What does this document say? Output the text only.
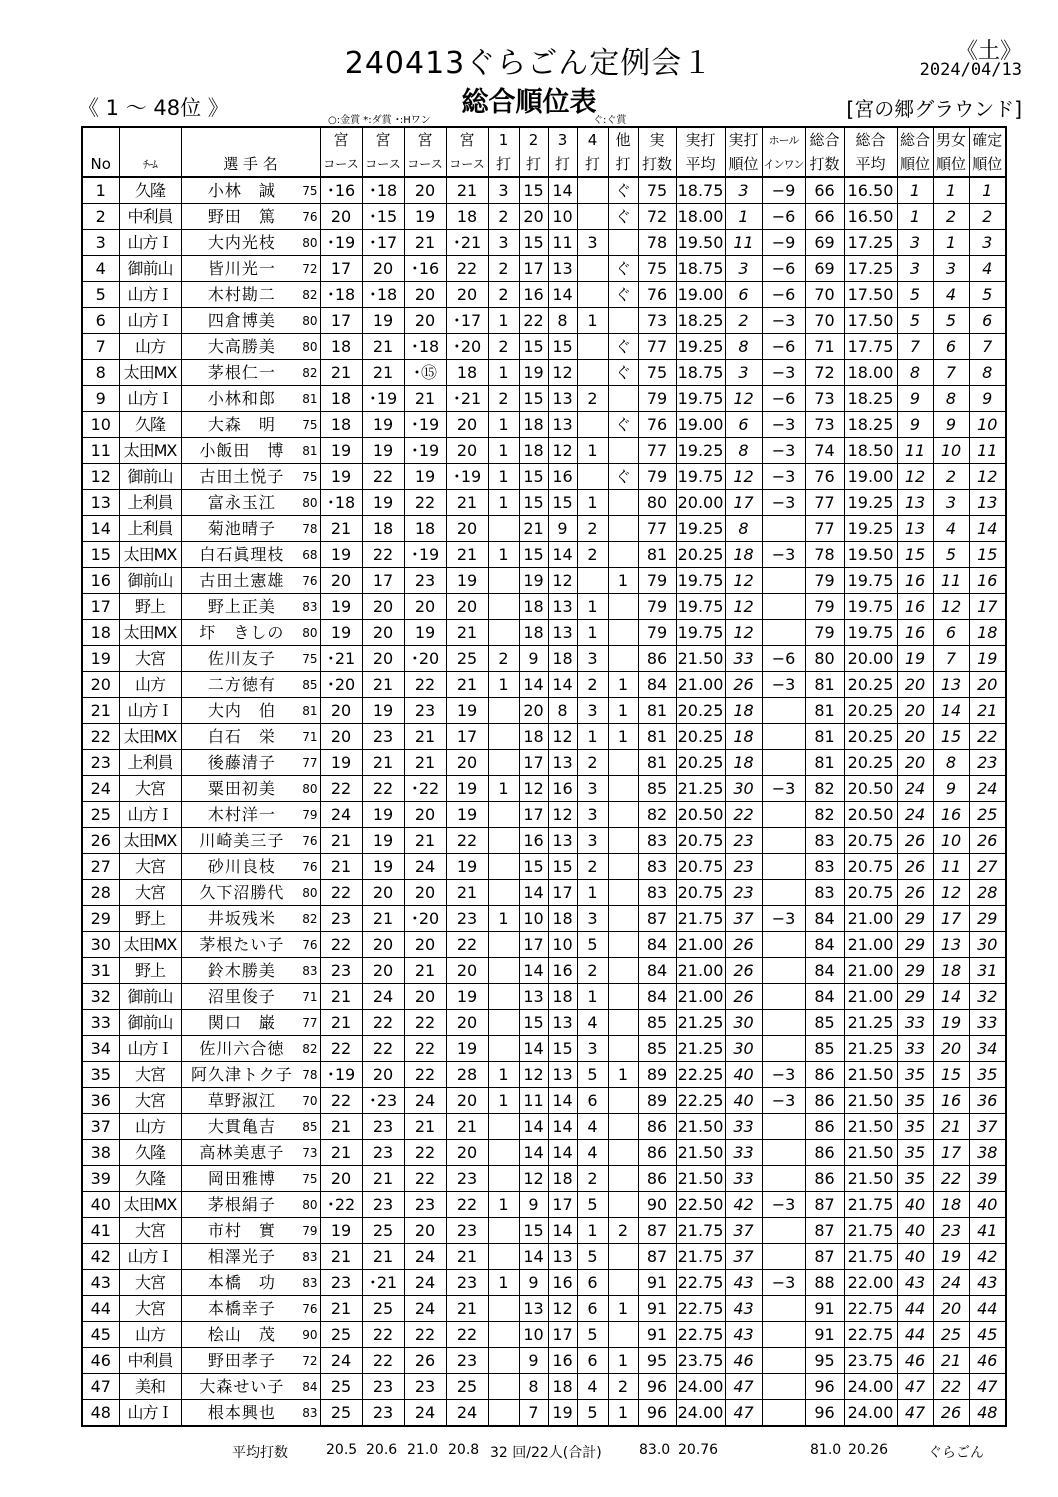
240413ぐらごん定例会１	《土》
2024/04/13
《 1 ～ 48位 》	総合順位表	[宮の郷グラウンド]
○:金賞 *:ダ賞 ･:Hワン	ぐ:ぐ賞
			宮	宮	宮	宮	1	2	3	4	他	実	実打	実打	ホール	総合	総合	総合	男女	確定
No	ﾁｰﾑ	選 手 名	コース	コース	コース	コース	打	打	打	打	打	打数	平均	順位	インワン	打数	平均	順位	順位	順位
1	久隆	小林　誠 75	･16	･18	20	21	3	15	14		ぐ	75	18.75	3	−9	66	16.50	1	1	1
2	中利員	野田　篤 76	20	･15	19	18	2	20	10		ぐ	72	18.00	1	−6	66	16.50	1	2	2
3	山方Ｉ	大内光枝 80	･19	･17	21	･21	3	15	11	3		78	19.50	11	−9	69	17.25	3	1	3
4	御前山	皆川光一 72	17	20	･16	22	2	17	13		ぐ	75	18.75	3	−6	69	17.25	3	3	4
5	山方Ｉ	木村勘二 82	･18	･18	20	20	2	16	14		ぐ	76	19.00	6	−6	70	17.50	5	4	5
6	山方Ｉ	四倉博美 80	17	19	20	･17	1	22	8	1		73	18.25	2	−3	70	17.50	5	5	6
7	山方	大高勝美 80	18	21	･18	･20	2	15	15		ぐ	77	19.25	8	−6	71	17.75	7	6	7
8	太田MX	茅根仁一 82	21	21	･⑮	18	1	19	12		ぐ	75	18.75	3	−3	72	18.00	8	7	8
9	山方Ｉ	小林和郎 81	18	･19	21	･21	2	15	13	2		79	19.75	12	−6	73	18.25	9	8	9
10	久隆	大森　明 75	18	19	･19	20	1	18	13		ぐ	76	19.00	6	−3	73	18.25	9	9	10
11	太田MX	小飯田　博 81	19	19	･19	20	1	18	12	1		77	19.25	8	−3	74	18.50	11	10	11
12	御前山	古田土悦子 75	19	22	19	･19	1	15	16		ぐ	79	19.75	12	−3	76	19.00	12	2	12
13	上利員	富永玉江 80	･18	19	22	21	1	15	15	1		80	20.00	17	−3	77	19.25	13	3	13
14	上利員	菊池晴子 78	21	18	18	20		21	9	2		77	19.25	8		77	19.25	13	4	14
15	太田MX	白石眞理枝 68	19	22	･19	21	1	15	14	2		81	20.25	18	−3	78	19.50	15	5	15
16	御前山	古田土憲雄 76	20	17	23	19		19	12		1	79	19.75	12		79	19.75	16	11	16
17	野上	野上正美 83	19	20	20	20		18	13	1		79	19.75	12		79	19.75	16	12	17
18	太田MX	圷　きしの 80	19	20	19	21		18	13	1		79	19.75	12		79	19.75	16	6	18
19	大宮	佐川友子 75	･21	20	･20	25	2	9	18	3		86	21.50	33	−6	80	20.00	19	7	19
20	山方	二方徳有 85	･20	21	22	21	1	14	14	2	1	84	21.00	26	−3	81	20.25	20	13	20
21	山方Ｉ	大内　伯 81	20	19	23	19		20	8	3	1	81	20.25	18		81	20.25	20	14	21
22	太田MX	白石　栄 71	20	23	21	17		18	12	1	1	81	20.25	18		81	20.25	20	15	22
23	上利員	後藤清子 77	19	21	21	20		17	13	2		81	20.25	18		81	20.25	20	8	23
24	大宮	粟田初美 80	22	22	･22	19	1	12	16	3		85	21.25	30	−3	82	20.50	24	9	24
25	山方Ｉ	木村洋一 79	24	19	20	19		17	12	3		82	20.50	22		82	20.50	24	16	25
26	太田MX	川崎美三子 76	21	19	21	22		16	13	3		83	20.75	23		83	20.75	26	10	26
27	大宮	砂川良枝 76	21	19	24	19		15	15	2		83	20.75	23		83	20.75	26	11	27
28	大宮	久下沼勝代 80	22	20	20	21		14	17	1		83	20.75	23		83	20.75	26	12	28
29	野上	井坂残米 82	23	21	･20	23	1	10	18	3		87	21.75	37	−3	84	21.00	29	17	29
30	太田MX	茅根たい子 76	22	20	20	22		17	10	5		84	21.00	26		84	21.00	29	13	30
31	野上	鈴木勝美 83	23	20	21	20		14	16	2		84	21.00	26		84	21.00	29	18	31
32	御前山	沼里俊子 71	21	24	20	19		13	18	1		84	21.00	26		84	21.00	29	14	32
33	御前山	関口　巌 77	21	22	22	20		15	13	4		85	21.25	30		85	21.25	33	19	33
34	山方Ｉ	佐川六合徳 82	22	22	22	19		14	15	3		85	21.25	30		85	21.25	33	20	34
35	大宮	阿久津トク子 78	･19	20	22	28	1	12	13	5	1	89	22.25	40	−3	86	21.50	35	15	35
36	大宮	草野淑江 70	22	･23	24	20	1	11	14	6		89	22.25	40	−3	86	21.50	35	16	36
37	山方	大貫亀吉 85	21	23	21	21		14	14	4		86	21.50	33		86	21.50	35	21	37
38	久隆	高林美恵子 73	21	23	22	20		14	14	4		86	21.50	33		86	21.50	35	17	38
39	久隆	岡田雅博 75	20	21	22	23		12	18	2		86	21.50	33		86	21.50	35	22	39
40	太田MX	茅根絹子 80	･22	23	23	22	1	9	17	5		90	22.50	42	−3	87	21.75	40	18	40
41	大宮	市村　實 79	19	25	20	23		15	14	1	2	87	21.75	37		87	21.75	40	23	41
42	山方Ｉ	相澤光子 83	21	21	24	21		14	13	5		87	21.75	37		87	21.75	40	19	42
43	大宮	本橋　功 83	23	･21	24	23	1	9	16	6		91	22.75	43	−3	88	22.00	43	24	43
44	大宮	本橋幸子 76	21	25	24	21		13	12	6	1	91	22.75	43		91	22.75	44	20	44
45	山方	桧山　茂 90	25	22	22	22		10	17	5		91	22.75	43		91	22.75	44	25	45
46	中利員	野田孝子 72	24	22	26	23		9	16	6	1	95	23.75	46		95	23.75	46	21	46
47	美和	大森せい子 84	25	23	23	25		8	18	4	2	96	24.00	47		96	24.00	47	22	47
48	山方Ｉ	根本興也 83	25	23	24	24		7	19	5	1	96	24.00	47		96	24.00	47	26	48
平均打数	20.5 20.6 21.0 20.8 32 回/22人(合計)	83.0 20.76	81.0 20.26	ぐらごん
